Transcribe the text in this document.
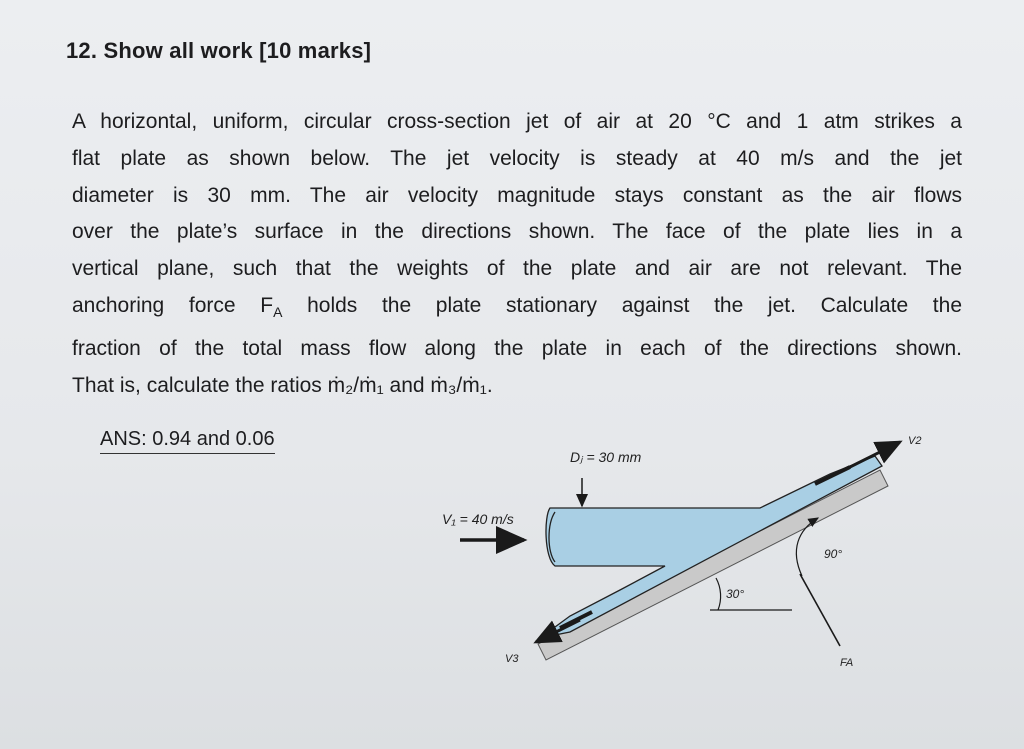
12. Show all work [10 marks]
A horizontal, uniform, circular cross-section jet of air at 20 °C and 1 atm strikes a
flat plate as shown below. The jet velocity is steady at 40 m/s and the jet
diameter is 30 mm. The air velocity magnitude stays constant as the air flows
over the plate’s surface in the directions shown. The face of the plate lies in a
vertical plane, such that the weights of the plate and air are not relevant. The
anchoring force $F_A$ holds the plate stationary against the jet. Calculate the
fraction of the total mass flow along the plate in each of the directions shown.
That is, calculate the ratios ṁ₂/ṁ₁ and ṁ₃/ṁ₁.
ANS: 0.94 and 0.06	V2
V3
Dⱼ = 30 mm
V₁ = 40 m/s
30°
90°
FA
